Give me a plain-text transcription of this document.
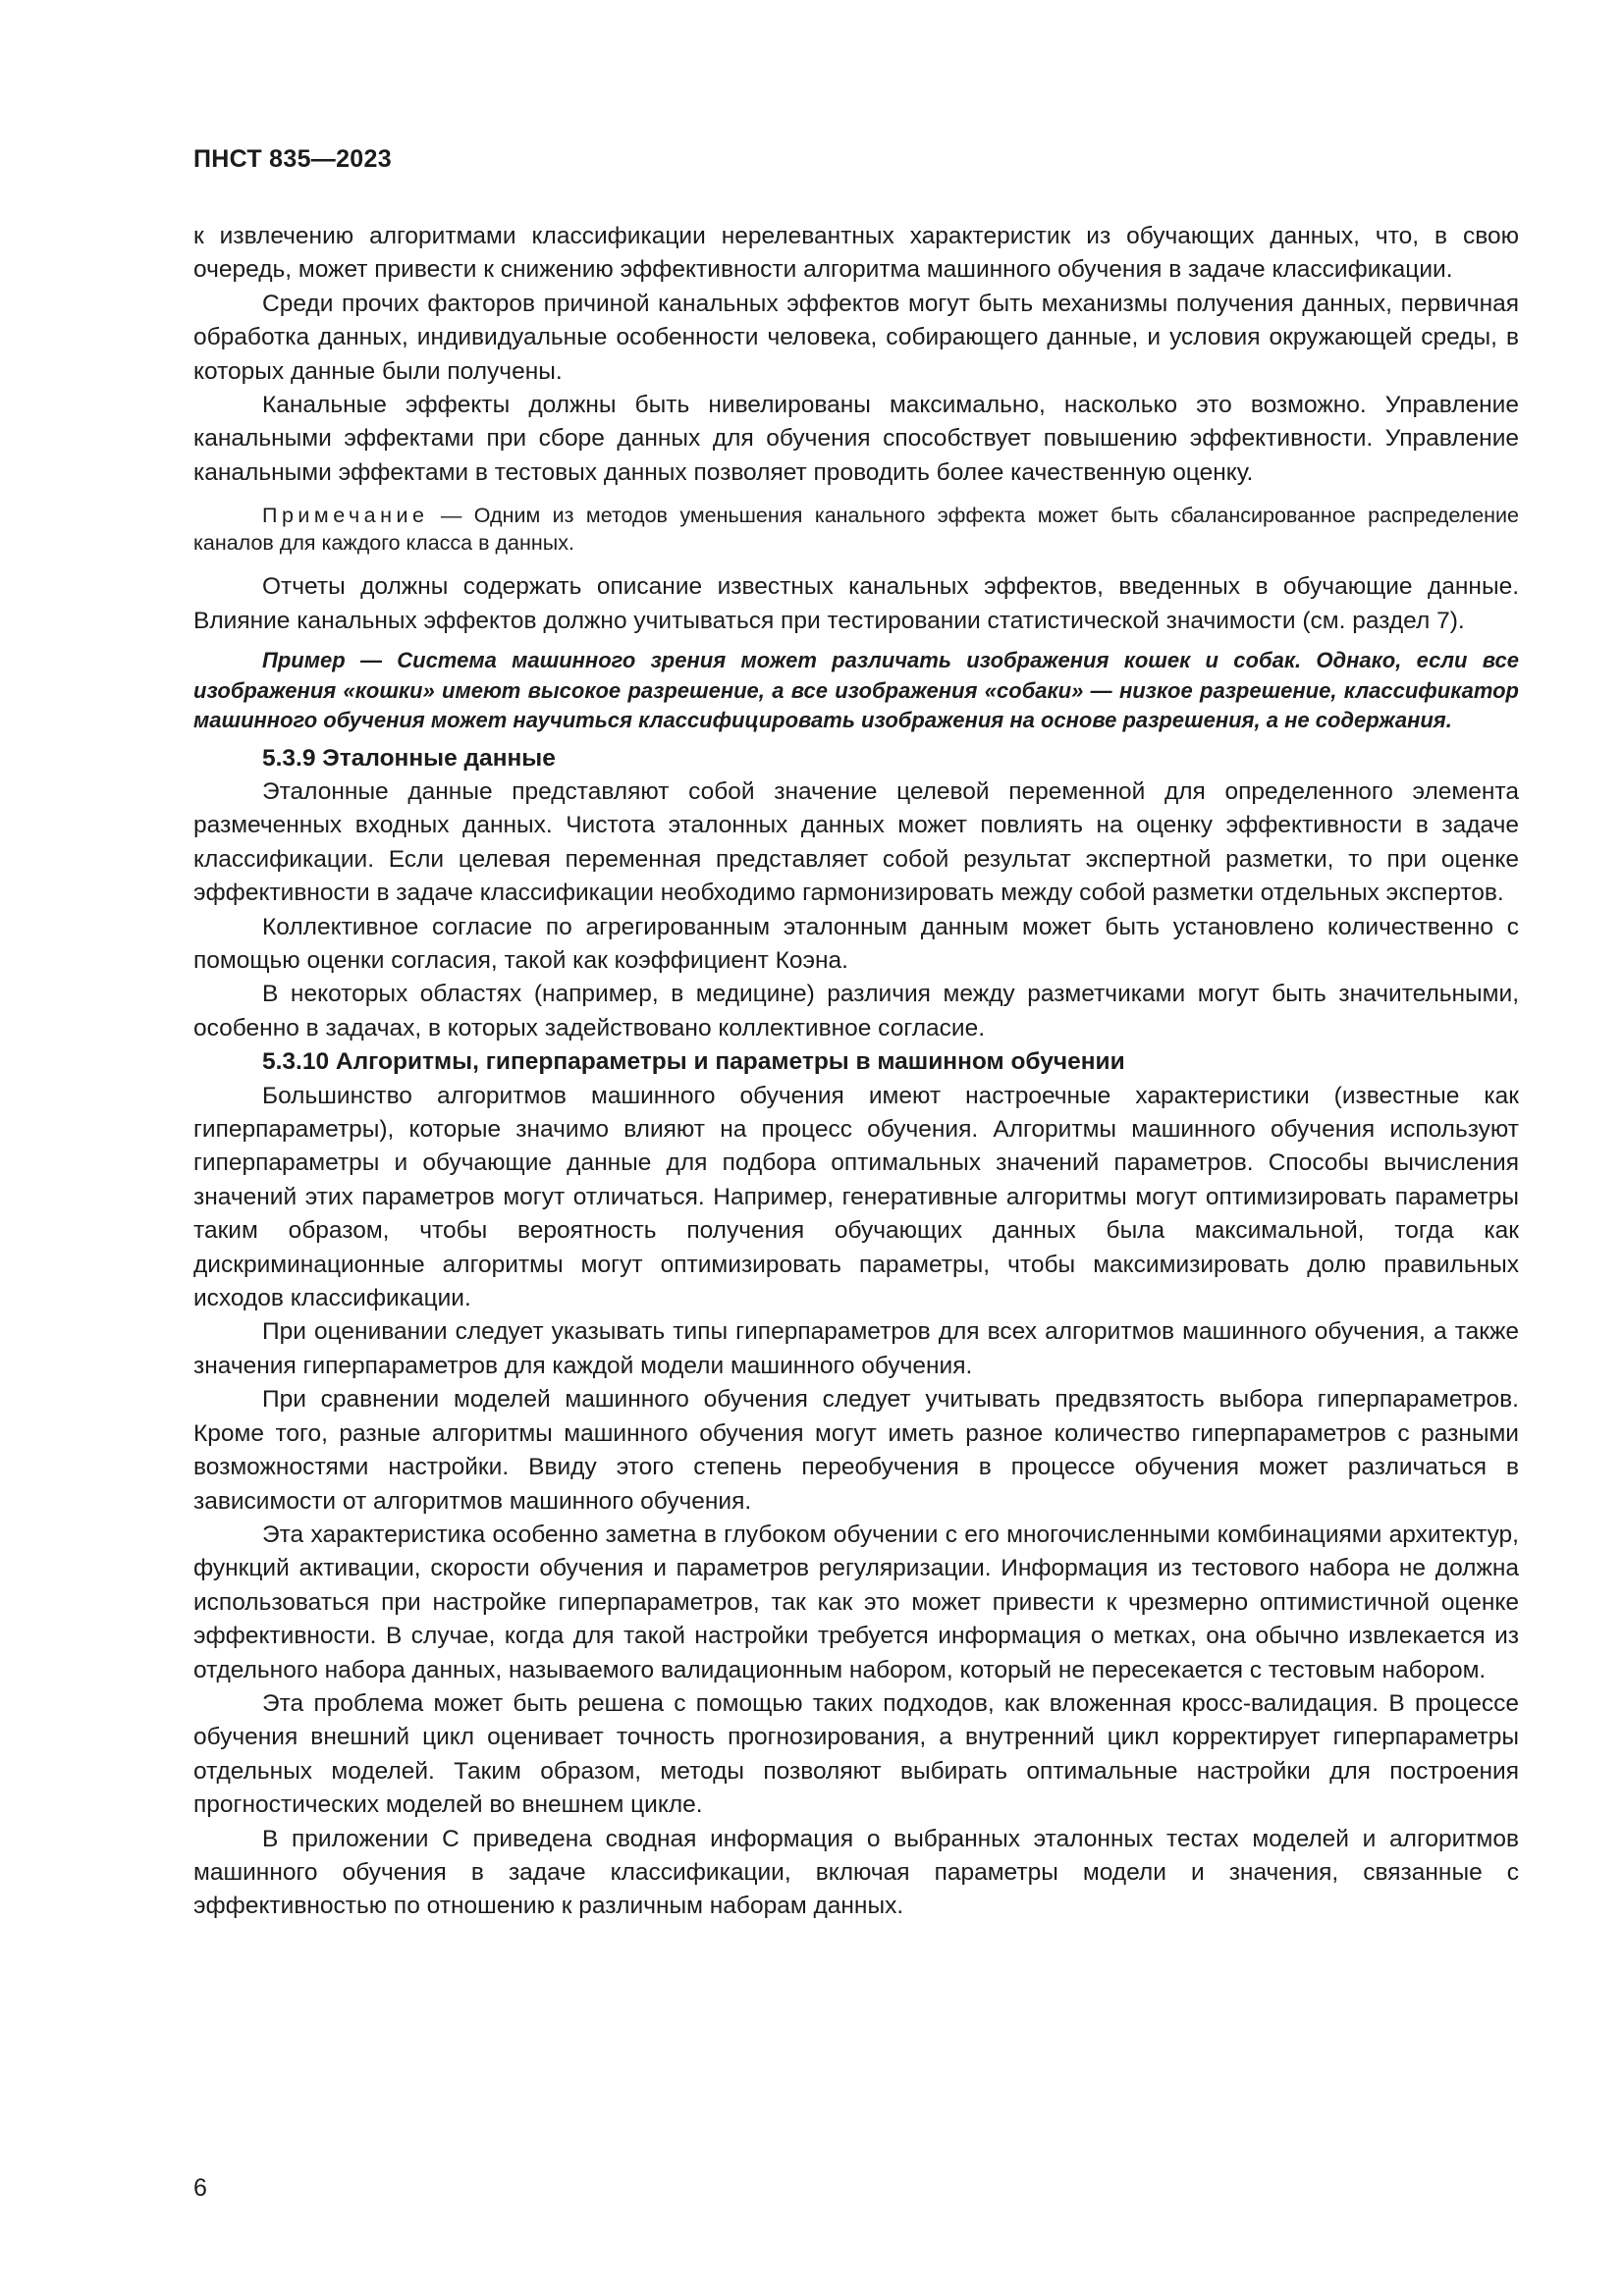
ПНСТ 835—2023

к извлечению алгоритмами классификации нерелевантных характеристик из обучающих данных, что, в свою очередь, может привести к снижению эффективности алгоритма машинного обучения в задаче классификации.

Среди прочих факторов причиной канальных эффектов могут быть механизмы получения данных, первичная обработка данных, индивидуальные особенности человека, собирающего данные, и условия окружающей среды, в которых данные были получены.

Канальные эффекты должны быть нивелированы максимально, насколько это возможно. Управление канальными эффектами при сборе данных для обучения способствует повышению эффективности. Управление канальными эффектами в тестовых данных позволяет проводить более качественную оценку.

Примечание — Одним из методов уменьшения канального эффекта может быть сбалансированное распределение каналов для каждого класса в данных.

Отчеты должны содержать описание известных канальных эффектов, введенных в обучающие данные. Влияние канальных эффектов должно учитываться при тестировании статистической значимости (см. раздел 7).

Пример — Система машинного зрения может различать изображения кошек и собак. Однако, если все изображения «кошки» имеют высокое разрешение, а все изображения «собаки» — низкое разрешение, классификатор машинного обучения может научиться классифицировать изображения на основе разрешения, а не содержания.

5.3.9 Эталонные данные

Эталонные данные представляют собой значение целевой переменной для определенного элемента размеченных входных данных. Чистота эталонных данных может повлиять на оценку эффективности в задаче классификации. Если целевая переменная представляет собой результат экспертной разметки, то при оценке эффективности в задаче классификации необходимо гармонизировать между собой разметки отдельных экспертов.

Коллективное согласие по агрегированным эталонным данным может быть установлено количественно с помощью оценки согласия, такой как коэффициент Коэна.

В некоторых областях (например, в медицине) различия между разметчиками могут быть значительными, особенно в задачах, в которых задействовано коллективное согласие.

5.3.10 Алгоритмы, гиперпараметры и параметры в машинном обучении

Большинство алгоритмов машинного обучения имеют настроечные характеристики (известные как гиперпараметры), которые значимо влияют на процесс обучения. Алгоритмы машинного обучения используют гиперпараметры и обучающие данные для подбора оптимальных значений параметров. Способы вычисления значений этих параметров могут отличаться. Например, генеративные алгоритмы могут оптимизировать параметры таким образом, чтобы вероятность получения обучающих данных была максимальной, тогда как дискриминационные алгоритмы могут оптимизировать параметры, чтобы максимизировать долю правильных исходов классификации.

При оценивании следует указывать типы гиперпараметров для всех алгоритмов машинного обучения, а также значения гиперпараметров для каждой модели машинного обучения.

При сравнении моделей машинного обучения следует учитывать предвзятость выбора гиперпараметров. Кроме того, разные алгоритмы машинного обучения могут иметь разное количество гиперпараметров с разными возможностями настройки. Ввиду этого степень переобучения в процессе обучения может различаться в зависимости от алгоритмов машинного обучения.

Эта характеристика особенно заметна в глубоком обучении с его многочисленными комбинациями архитектур, функций активации, скорости обучения и параметров регуляризации. Информация из тестового набора не должна использоваться при настройке гиперпараметров, так как это может привести к чрезмерно оптимистичной оценке эффективности. В случае, когда для такой настройки требуется информация о метках, она обычно извлекается из отдельного набора данных, называемого валидационным набором, который не пересекается с тестовым набором.

Эта проблема может быть решена с помощью таких подходов, как вложенная кросс-валидация. В процессе обучения внешний цикл оценивает точность прогнозирования, а внутренний цикл корректирует гиперпараметры отдельных моделей. Таким образом, методы позволяют выбирать оптимальные настройки для построения прогностических моделей во внешнем цикле.

В приложении С приведена сводная информация о выбранных эталонных тестах моделей и алгоритмов машинного обучения в задаче классификации, включая параметры модели и значения, связанные с эффективностью по отношению к различным наборам данных.

6
